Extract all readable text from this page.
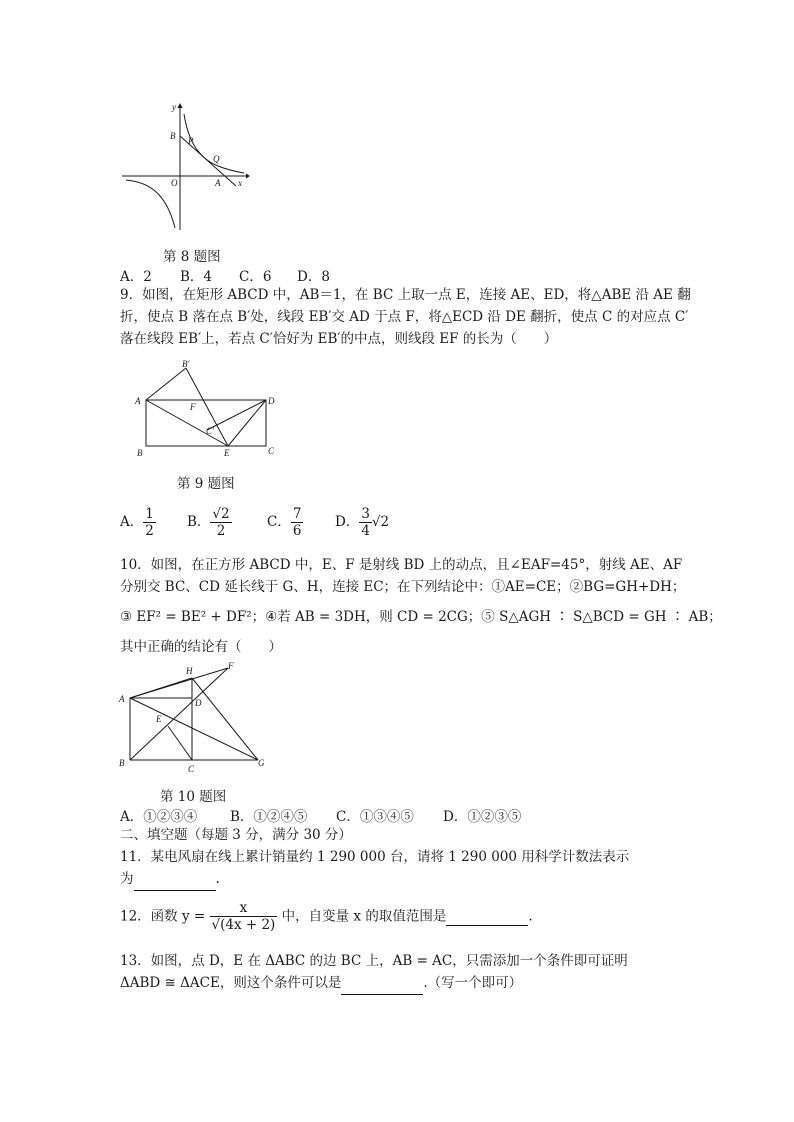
y
x
B P
Q
O	A
第 8 题图
A．2 B．4 C．6 D．8
9．如图，在矩形 ABCD 中，AB＝1，在 BC 上取一点 E，连接 AE、ED，将△ABE 沿 AE 翻
折，使点 B 落在点 B′处，线段 EB′交 AD 于点 F，将△ECD 沿 DE 翻折，使点 C 的对应点 C′
落在线段 EB′上，若点 C′恰好为 EB′的中点，则线段 EF 的长为（　　）
B′
A
F
D
C′
B	E	C
第 9 题图
A． $\frac{1}{2}$ B． $\frac{√2}{2}$	C． $\frac{7}{6}$ D． $\frac{3}{4} √2$
10．如图，在正方形 ABCD 中，E、F 是射线 BD 上的动点，且∠EAF=45°，射线 AE、AF
分别交 BC、CD 延长线于 G、H，连接 EC；在下列结论中：①AE=CE；②BG=GH+DH；
③ EF² = BE² + DF²；④若 AB = 3DH，则 CD = 2CG；⑤ S△AGH ∶ S△BCD = GH ∶ AB；
其中正确的结论有（　　）
H	F
A	D
E
B
C
G
第 10 题图
A．①②③④ B．①②④⑤ C．①③④⑤ D．①②③⑤
二、填空题（每题 3 分，满分 30 分）
11．某电风扇在线上累计销量约 1 290 000 台，请将 1 290 000 用科学计数法表示
为	.
12．函数 $y = \frac{x}{√(4x + 2)}$ 中，自变量 x 的取值范围是	.
13．如图，点 D，E 在 ΔABC 的边 BC 上，AB = AC，只需添加一个条件即可证明
ΔABD ≅ ΔACE，则这个条件可以是	.（写一个即可）
